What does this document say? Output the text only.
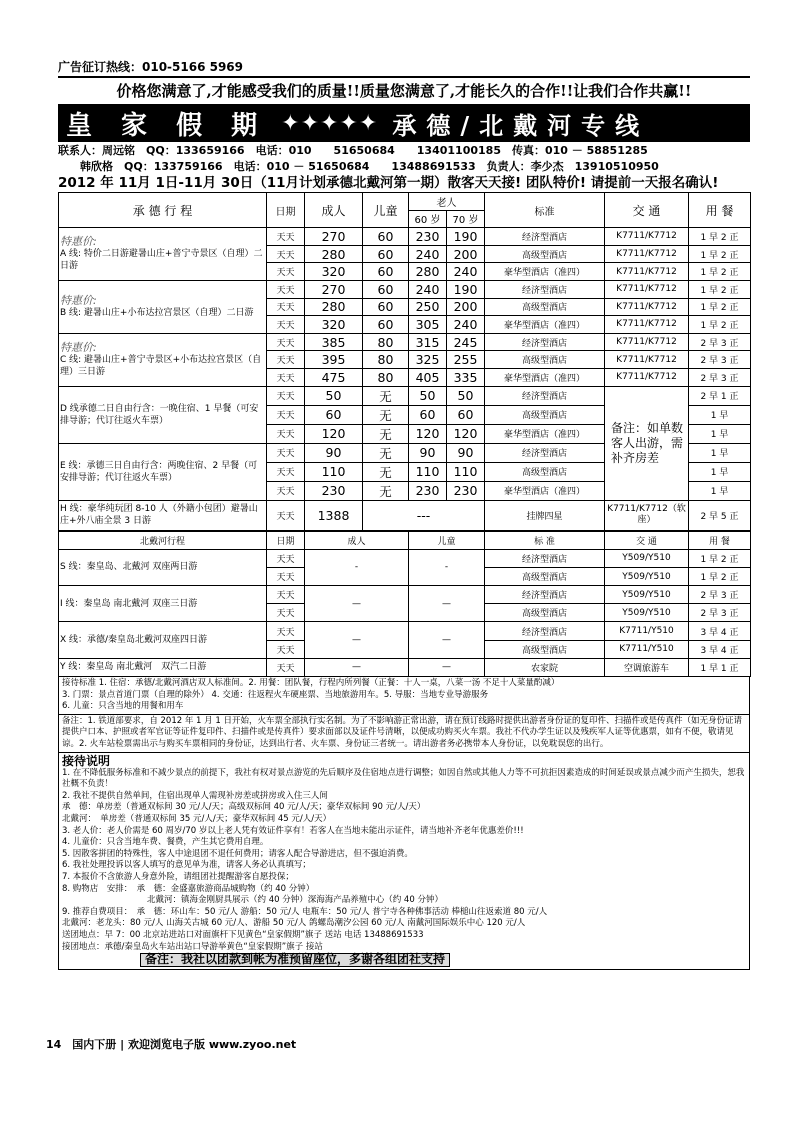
广告征订热线：010-5166 5969
价格您满意了,才能感受我们的质量!!质量您满意了,才能长久的合作!!让我们合作共赢!!
皇 家 假 期 ✦✦✦✦✦ 承德/北戴河专线
联系人：周远铭　QQ：133659166　电话：010　　51650684　　13401100185　传真：010 － 58851285
　　韩欣格　QQ：133759166　电话：010 － 51650684　　13488691533　负责人：李少杰　13910510950
2012 年 11月 1日-11月 30日（11月计划承德北戴河第一期）散客天天接! 团队特价! 请提前一天报名确认!
承 德 行 程	日期	成人	儿童	老人		标准	交 通	用 餐
				60 岁	70 岁			

特惠价:
A 线: 特价二日游避暑山庄+普宁寺景区（自理）二日游	天天	270	60	230	190	经济型酒店	K7711/K7712	1 早 2 正
	天天	280	60	240	200	高级型酒店	K7711/K7712	1 早 2 正
	天天	320	60	280	240	豪华型酒店（准四）	K7711/K7712	1 早 2 正

特惠价:
B 线: 避暑山庄+小布达拉宫景区（自理）二日游	天天	270	60	240	190	经济型酒店	K7711/K7712	1 早 2 正
	天天	280	60	250	200	高级型酒店	K7711/K7712	1 早 2 正
	天天	320	60	305	240	豪华型酒店（准四）	K7711/K7712	1 早 2 正

特惠价:
C 线: 避暑山庄+普宁寺景区+小布达拉宫景区（自理）三日游	天天	385	80	315	245	经济型酒店	K7711/K7712	2 早 3 正
	天天	395	80	325	255	高级型酒店	K7711/K7712	2 早 3 正
	天天	475	80	405	335	豪华型酒店（准四）	K7711/K7712	2 早 3 正

D 线承德二日自由行含：一晚住宿、1 早餐（可安排导游；代订往返火车票）	天天	50	无	50	50	经济型酒店	备注：如单数客人出游，需补齐房差	2 早 1 正
	天天	60	无	60	60	高级型酒店		1 早
	天天	120	无	120	120	豪华型酒店（准四）		1 早

E 线：承德三日自由行含：两晚住宿、2 早餐（可安排导游；代订往返火车票）	天天	90	无	90	90	经济型酒店		1 早
	天天	110	无	110	110	高级型酒店		1 早
	天天	230	无	230	230	豪华型酒店（准四）		1 早
H 线：豪华纯玩团 8-10 人（外籍小包团）避暑山庄+外八庙全景 3 日游	天天	1388	---			挂牌四星	K7711/K7712（软座）	2 早 5 正
北戴河行程	日期	成人	儿童	标 准	交 通	用 餐
S 线：秦皇岛、北戴河 双座两日游	天天	-	-	经济型酒店	Y509/Y510	1 早 2 正
	天天			高级型酒店	Y509/Y510	1 早 2 正
I 线：秦皇岛 南北戴河 双座三日游	天天	—	—	经济型酒店	Y509/Y510	2 早 3 正
	天天			高级型酒店	Y509/Y510	2 早 3 正
X 线：承德/秦皇岛北戴河双座四日游	天天	—	—	经济型酒店	K7711/Y510	3 早 4 正
	天天			高级型酒店	K7711/Y510	3 早 4 正
Y 线：秦皇岛 南北戴河　双汽二日游	天天	—	—	农家院	空调旅游车	1 早 1 正

接待标准 1. 住宿：承德/北戴河酒店双人标准间。2. 用餐：团队餐，行程内所列餐（正餐：十人一桌，八菜一汤 不足十人菜量酌减）

3. 门票：景点首道门票（自理的除外） 4. 交通：往返程火车硬座票、当地旅游用车。5. 导服：当地专业导游服务

6. 儿童：只含当地的用餐和用车

备注：1. 铁道部要求，自 2012 年 1 月 1 日开始，火车票全部执行实名制。为了不影响游正常出游，请在预订线路时提供出游者身份证的复印件、扫描件或是传真件（如无身份证请提供户口本、护照或者军官证等证件复印件、扫描件或是传真件）要求面部以及证件号清晰，以便成功购买火车票。我社不代办学生证以及残疾军人证等优惠票，如有不便，敬请见谅。2. 火车站检票需出示与购买车票相同的身份证，达到出行者、火车票、身份证三者统一。请出游者务必携带本人身份证，以免耽误您的出行。

接待说明

1. 在不降低服务标准和不减少景点的前提下，我社有权对景点游览的先后顺序及住宿地点进行调整；如因自然或其他人力等不可抗拒因素造成的时间延误或景点减少而产生损失，恕我社概不负责！

2. 我社不提供自然单间，住宿出现单人需现补房差或拼房或入住三人间

承　德：单房差（普通双标间 30 元/人/天；高级双标间 40 元/人/天；豪华双标间 90 元/人/天）

北戴河：　单房差（普通双标间 35 元/人/天；豪华双标间 45 元/人/天）

3. 老人价：老人价需是 60 周岁/70 岁以上老人凭有效证件享有！若客人在当地未能出示证件，请当地补齐老年优惠差价!!!

4. 儿童价：只含当地车费、餐费，产生其它费用自理。

5. 因散客拼团的特殊性，客人中途退团不退任何费用；请客人配合导游进店，但不强迫消费。

6. 我社处理投诉以客人填写的意见单为准，请客人务必认真填写；

7. 本报价不含旅游人身意外险，请组团社提醒游客自愿投保；

8. 购物店　安排：　承　德：金盛嘉旅游商品城购物（约 40 分钟）

　　　　　　　　　　北戴河：镇海金刚厨具展示（约 40 分钟）深海海产品养殖中心（约 40 分钟）

9. 推荐自费项目：　承　德：环山车：50 元/人 游船：50 元/人 电瓶车：50 元/人 普宁寺各种佛事活动 棒槌山往返索道 80 元/人

北戴河：老龙头：80 元/人 山海关古城 60 元/人、游船 50 元/人 鸽螺岛潮汐公园 60 元/人 南戴河国际娱乐中心 120 元/人

送团地点：早 7：00 北京站进站口对面旗杆下见黄色“皇家假期”旗子 送站 电话 13488691533

接团地点：承德/秦皇岛火车站出站口导游举黄色“皇家假期”旗子 接站

备注：我社以团款到帐为准预留座位，多谢各组团社支持

14　国内下册 | 欢迎浏览电子版 www.zyoo.net
